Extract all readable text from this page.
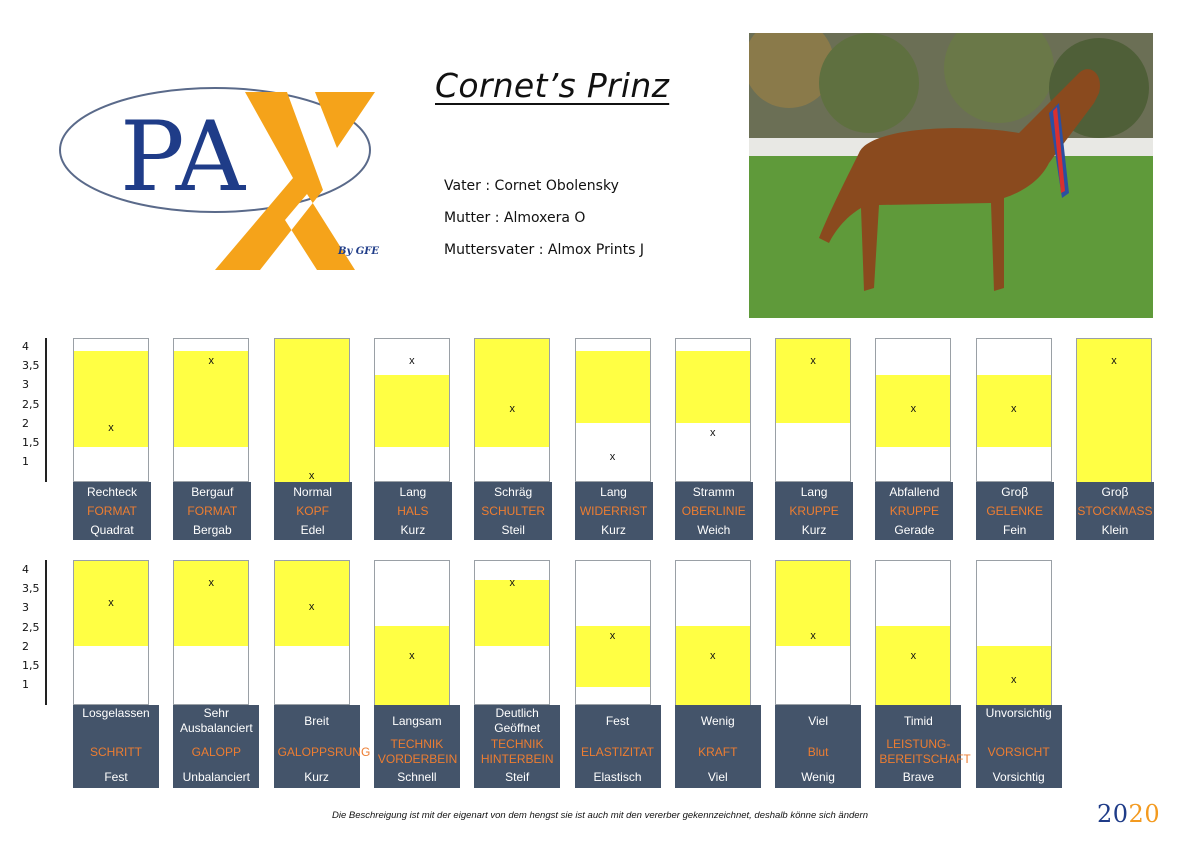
PA
By GFE
Cornet’s Prinz
Vater : Cornet Obolensky
Mutter : Almoxera O
Muttersvater : Almox Prints J
4
3,5
3
2,5
2
1,5
1
x
Rechteck
FORMAT
Quadrat
x
Bergauf
FORMAT
Bergab
x
Normal
KOPF
Edel
x
Lang
HALS
Kurz
x
Schräg
SCHULTER
Steil
x
Lang
WIDERRIST
Kurz
x
Stramm
OBERLINIE
Weich
x
Lang
KRUPPE
Kurz
x
Abfallend
KRUPPE
Gerade
x
Groβ
GELENKE
Fein
x
Groβ
STOCKMASS
Klein
4
3,5
3
2,5
2
1,5
1
x
Losgelassen
SCHRITT
Fest
x
Sehr Ausbalanciert
GALOPP
Unbalanciert
x
Breit
GALOPPSRUNG
Kurz
x
Langsam
TECHNIK VORDERBEIN
Schnell
x
Deutlich Geöffnet
TECHNIK HINTERBEIN
Steif
x
Fest
ELASTIZITAT
Elastisch
x
Wenig
KRAFT
Viel
x
Viel
Blut
Wenig
x
Timid
LEISTUNG-BEREITSCHAFT
Brave
x
Unvorsichtig
VORSICHT
Vorsichtig
Die Beschreigung ist mit der eigenart von dem hengst sie ist auch mit den vererber gekennzeichnet, deshalb könne sich ändern	2020
